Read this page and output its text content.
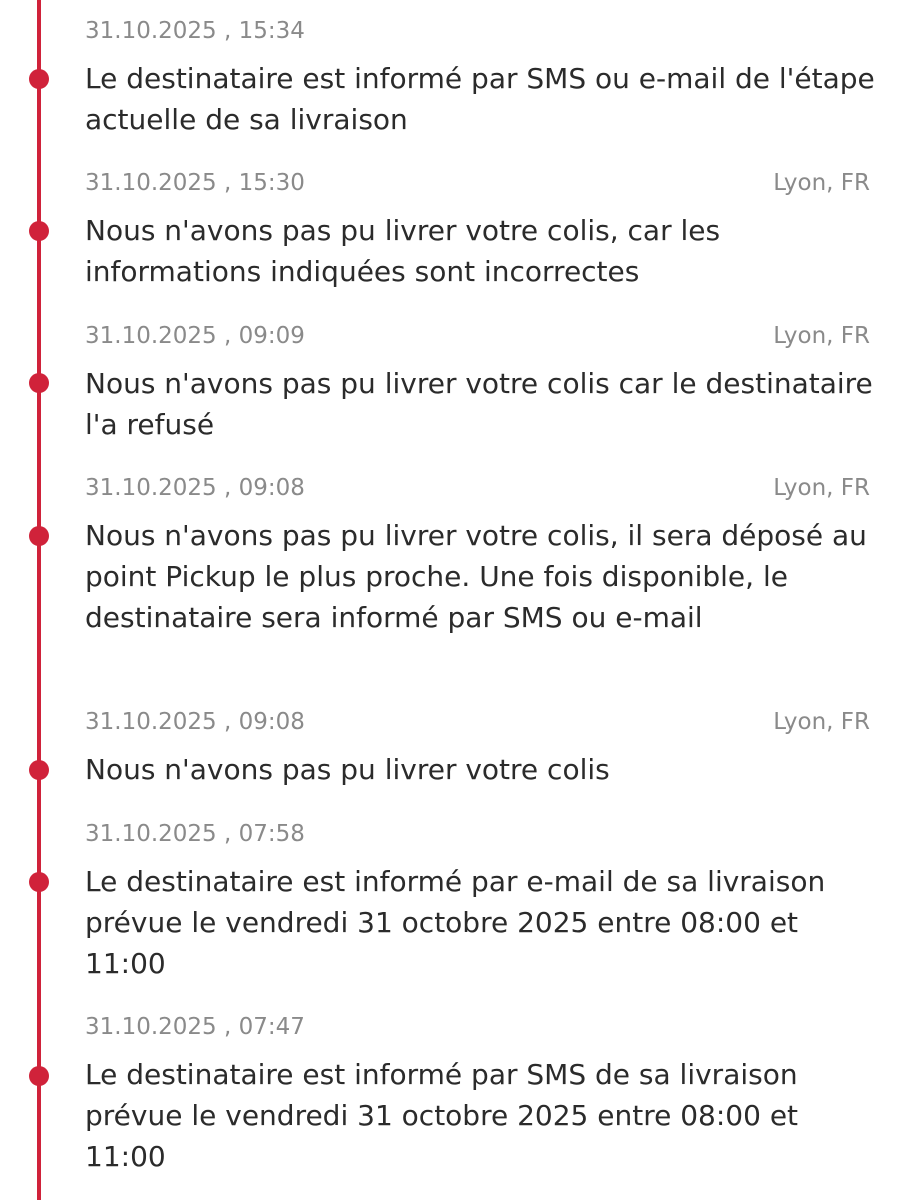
31.10.2025 , 15:34
Le destinataire est informé par SMS ou e-mail de l'étape actuelle de sa livraison
31.10.2025 , 15:30	Lyon, FR
Nous n'avons pas pu livrer votre colis, car les informations indiquées sont incorrectes
31.10.2025 , 09:09	Lyon, FR
Nous n'avons pas pu livrer votre colis car le destinataire l'a refusé
31.10.2025 , 09:08	Lyon, FR
Nous n'avons pas pu livrer votre colis, il sera déposé au point Pickup le plus proche. Une fois disponible, le destinataire sera informé par SMS ou e-mail
31.10.2025 , 09:08	Lyon, FR
Nous n'avons pas pu livrer votre colis
31.10.2025 , 07:58
Le destinataire est informé par e-mail de sa livraison prévue le vendredi 31 octobre 2025 entre 08:00 et 11:00
31.10.2025 , 07:47
Le destinataire est informé par SMS de sa livraison prévue le vendredi 31 octobre 2025 entre 08:00 et 11:00
